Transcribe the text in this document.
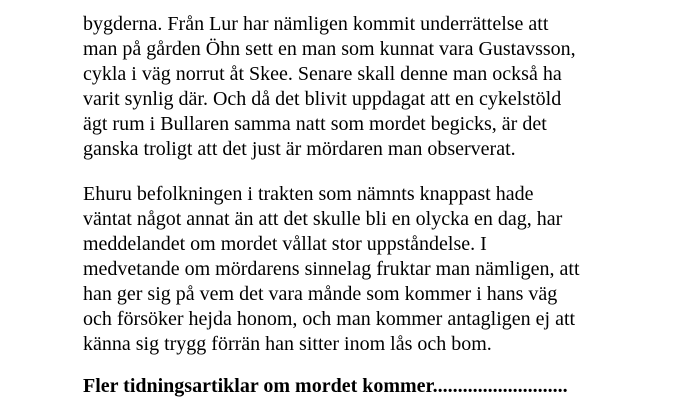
bygderna. Från Lur har nämligen kommit underrättelse att
man på gården Öhn sett en man som kunnat vara Gustavsson,
cykla i väg norrut åt Skee. Senare skall denne man också ha
varit synlig där. Och då det blivit uppdagat att en cykelstöld
ägt rum i Bullaren samma natt som mordet begicks, är det
ganska troligt att det just är mördaren man observerat.
Ehuru befolkningen i trakten som nämnts knappast hade
väntat något annat än att det skulle bli en olycka en dag, har
meddelandet om mordet vållat stor uppståndelse. I
medvetande om mördarens sinnelag fruktar man nämligen, att
han ger sig på vem det vara månde som kommer i hans väg
och försöker hejda honom, och man kommer antagligen ej att
känna sig trygg förrän han sitter inom lås och bom.
Fler tidningsartiklar om mordet kommer...........................
